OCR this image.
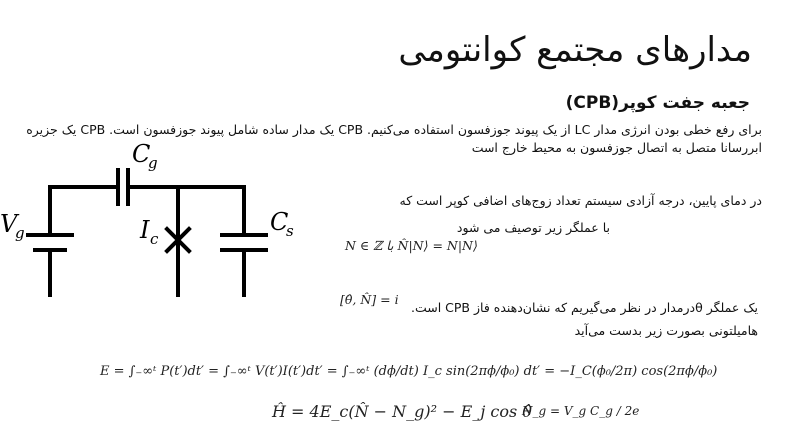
مدارهای مجتمع کوانتومی
جعبه جفت کوپر(CPB)
برای رفع خطی بودن انرژی مدار LC از یک پیوند جوزفسون استفاده می‌کنیم. CPB یک مدار ساده شامل پیوند جوزفسون است. CPB یک جزیره ابررسانا متصل به اتصال جوزفسون به محیط خارج است
C
g
V
g	I c
C
s
در دمای پایین، درجه آزادی سیستم تعداد زوج‌های اضافی کوپر است که
با عملگر زیر توصیف می شود
N ∈ ℤ با N̂|N⟩ = N|N⟩
[θ̂, N̂] = i
یک عملگر θدرمدار در نظر می‌گیریم که نشان‌دهنده فاز CPB است.
هامیلتونی بصورت زیر بدست می‌آید
E = ∫₋∞ᵗ P(t′)dt′ = ∫₋∞ᵗ V(t′)I(t′)dt′ = ∫₋∞ᵗ (dϕ/dt) I_c sin(2πϕ/ϕ₀) dt′ = −I_C(ϕ₀/2π) cos(2πϕ/ϕ₀)
Ĥ = 4E_c(N̂ − N_g)² − E_j cos θ̂
N_g = V_g C_g / 2e
